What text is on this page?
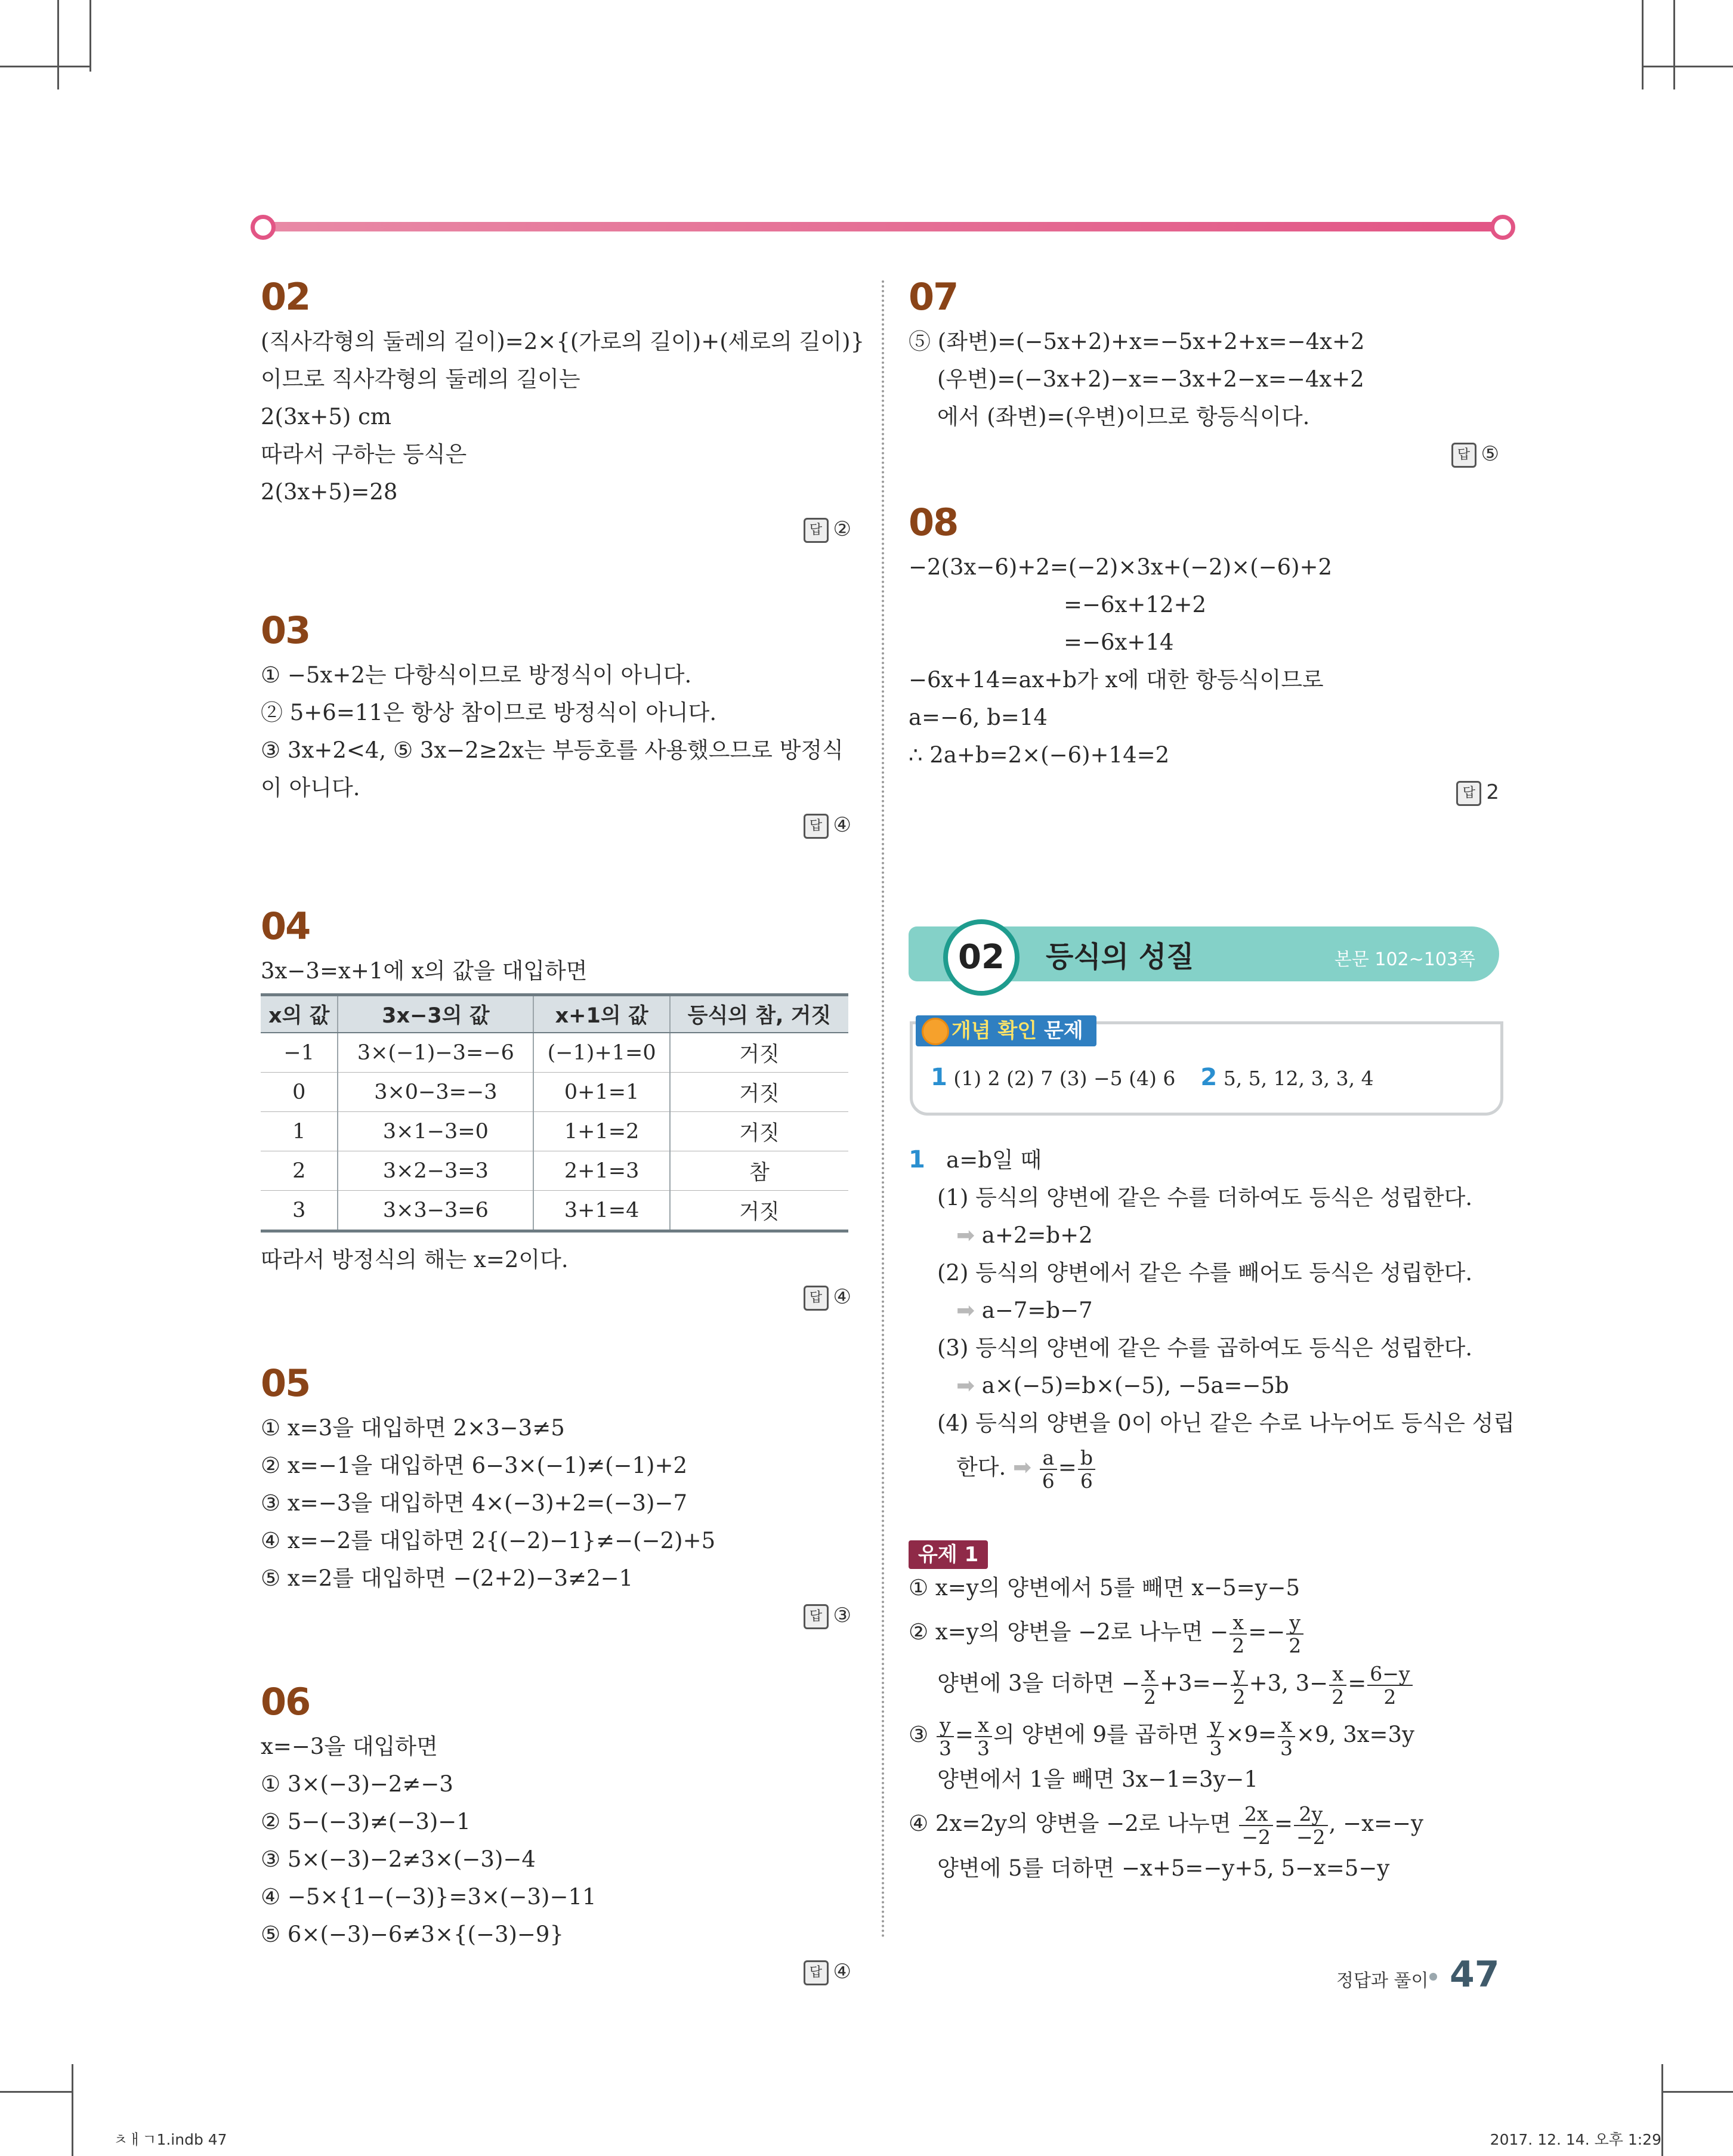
02
(직사각형의 둘레의 길이)=2×{(가로의 길이)+(세로의 길이)}
이므로 직사각형의 둘레의 길이는
2(3x+5) cm
따라서 구하는 등식은
2(3x+5)=28
답 ②
03
① −5x+2는 다항식이므로 방정식이 아니다.
② 5+6=11은 항상 참이므로 방정식이 아니다.
③ 3x+2<4, ⑤ 3x−2≥2x는 부등호를 사용했으므로 방정식
이 아니다.
답 ④
04
3x−3=x+1에 x의 값을 대입하면
x의 값	3x−3의 값	x+1의 값	등식의 참, 거짓
−1	3×(−1)−3=−6	(−1)+1=0	거짓
0	3×0−3=−3	0+1=1	거짓
1	3×1−3=0	1+1=2	거짓
2	3×2−3=3	2+1=3	참
3	3×3−3=6	3+1=4	거짓
따라서 방정식의 해는 x=2이다.
답 ④
05
① x=3을 대입하면 2×3−3≠5
② x=−1을 대입하면 6−3×(−1)≠(−1)+2
③ x=−3을 대입하면 4×(−3)+2=(−3)−7
④ x=−2를 대입하면 2{(−2)−1}≠−(−2)+5
⑤ x=2를 대입하면 −(2+2)−3≠2−1
답 ③
06
x=−3을 대입하면
① 3×(−3)−2≠−3
② 5−(−3)≠(−3)−1
③ 5×(−3)−2≠3×(−3)−4
④ −5×{1−(−3)}=3×(−3)−11
⑤ 6×(−3)−6≠3×{(−3)−9}
답 ④
07
⑤ (좌변)=(−5x+2)+x=−5x+2+x=−4x+2
(우변)=(−3x+2)−x=−3x+2−x=−4x+2
에서 (좌변)=(우변)이므로 항등식이다.
답 ⑤
08
−2(3x−6)+2=(−2)×3x+(−2)×(−6)+2
=−6x+12+2
=−6x+14
−6x+14=ax+b가 x에 대한 항등식이므로
a=−6, b=14
∴ 2a+b=2×(−6)+14=2
답 2
02	등식의 성질	본문 102~103쪽
개념 확인 문제
1 (1) 2 (2) 7 (3) −5 (4) 6 2 5, 5, 12, 3, 3, 4
1 a=b일 때
(1) 등식의 양변에 같은 수를 더하여도 등식은 성립한다.
➡ a+2=b+2
(2) 등식의 양변에서 같은 수를 빼어도 등식은 성립한다.
➡ a−7=b−7
(3) 등식의 양변에 같은 수를 곱하여도 등식은 성립한다.
➡ a×(−5)=b×(−5), −5a=−5b
(4) 등식의 양변을 0이 아닌 같은 수로 나누어도 등식은 성립
한다. ➡ $\frac{a}{6} = \frac{b}{6}$
유제 1
① x=y의 양변에서 5를 빼면 x−5=y−5
② x=y의 양변을 −2로 나누면 − $\frac{x}{2} =- \frac{y}{2}$
양변에 3을 더하면 − $\frac{x}{2} +3=- \frac{y}{2} +3$, $3- \frac{x}{2} = \frac{6-y}{2}$
③ $\frac{y}{3} = \frac{x}{3}$ 의 양변에 9를 곱하면 $\frac{y}{3} \times 9= \frac{x}{3} \times 9$, 3x=3y
양변에서 1을 빼면 3x−1=3y−1
④ 2x=2y의 양변을 −2로 나누면 $\frac{2x}{-2} = \frac{2y}{-2}$ , −x=−y
양변에 5를 더하면 −x+5=−y+5, 5−x=5−y
정답과 풀이 47
ㅊㅐㄱ1.indb 47	2017. 12. 14. 오후 1:29
